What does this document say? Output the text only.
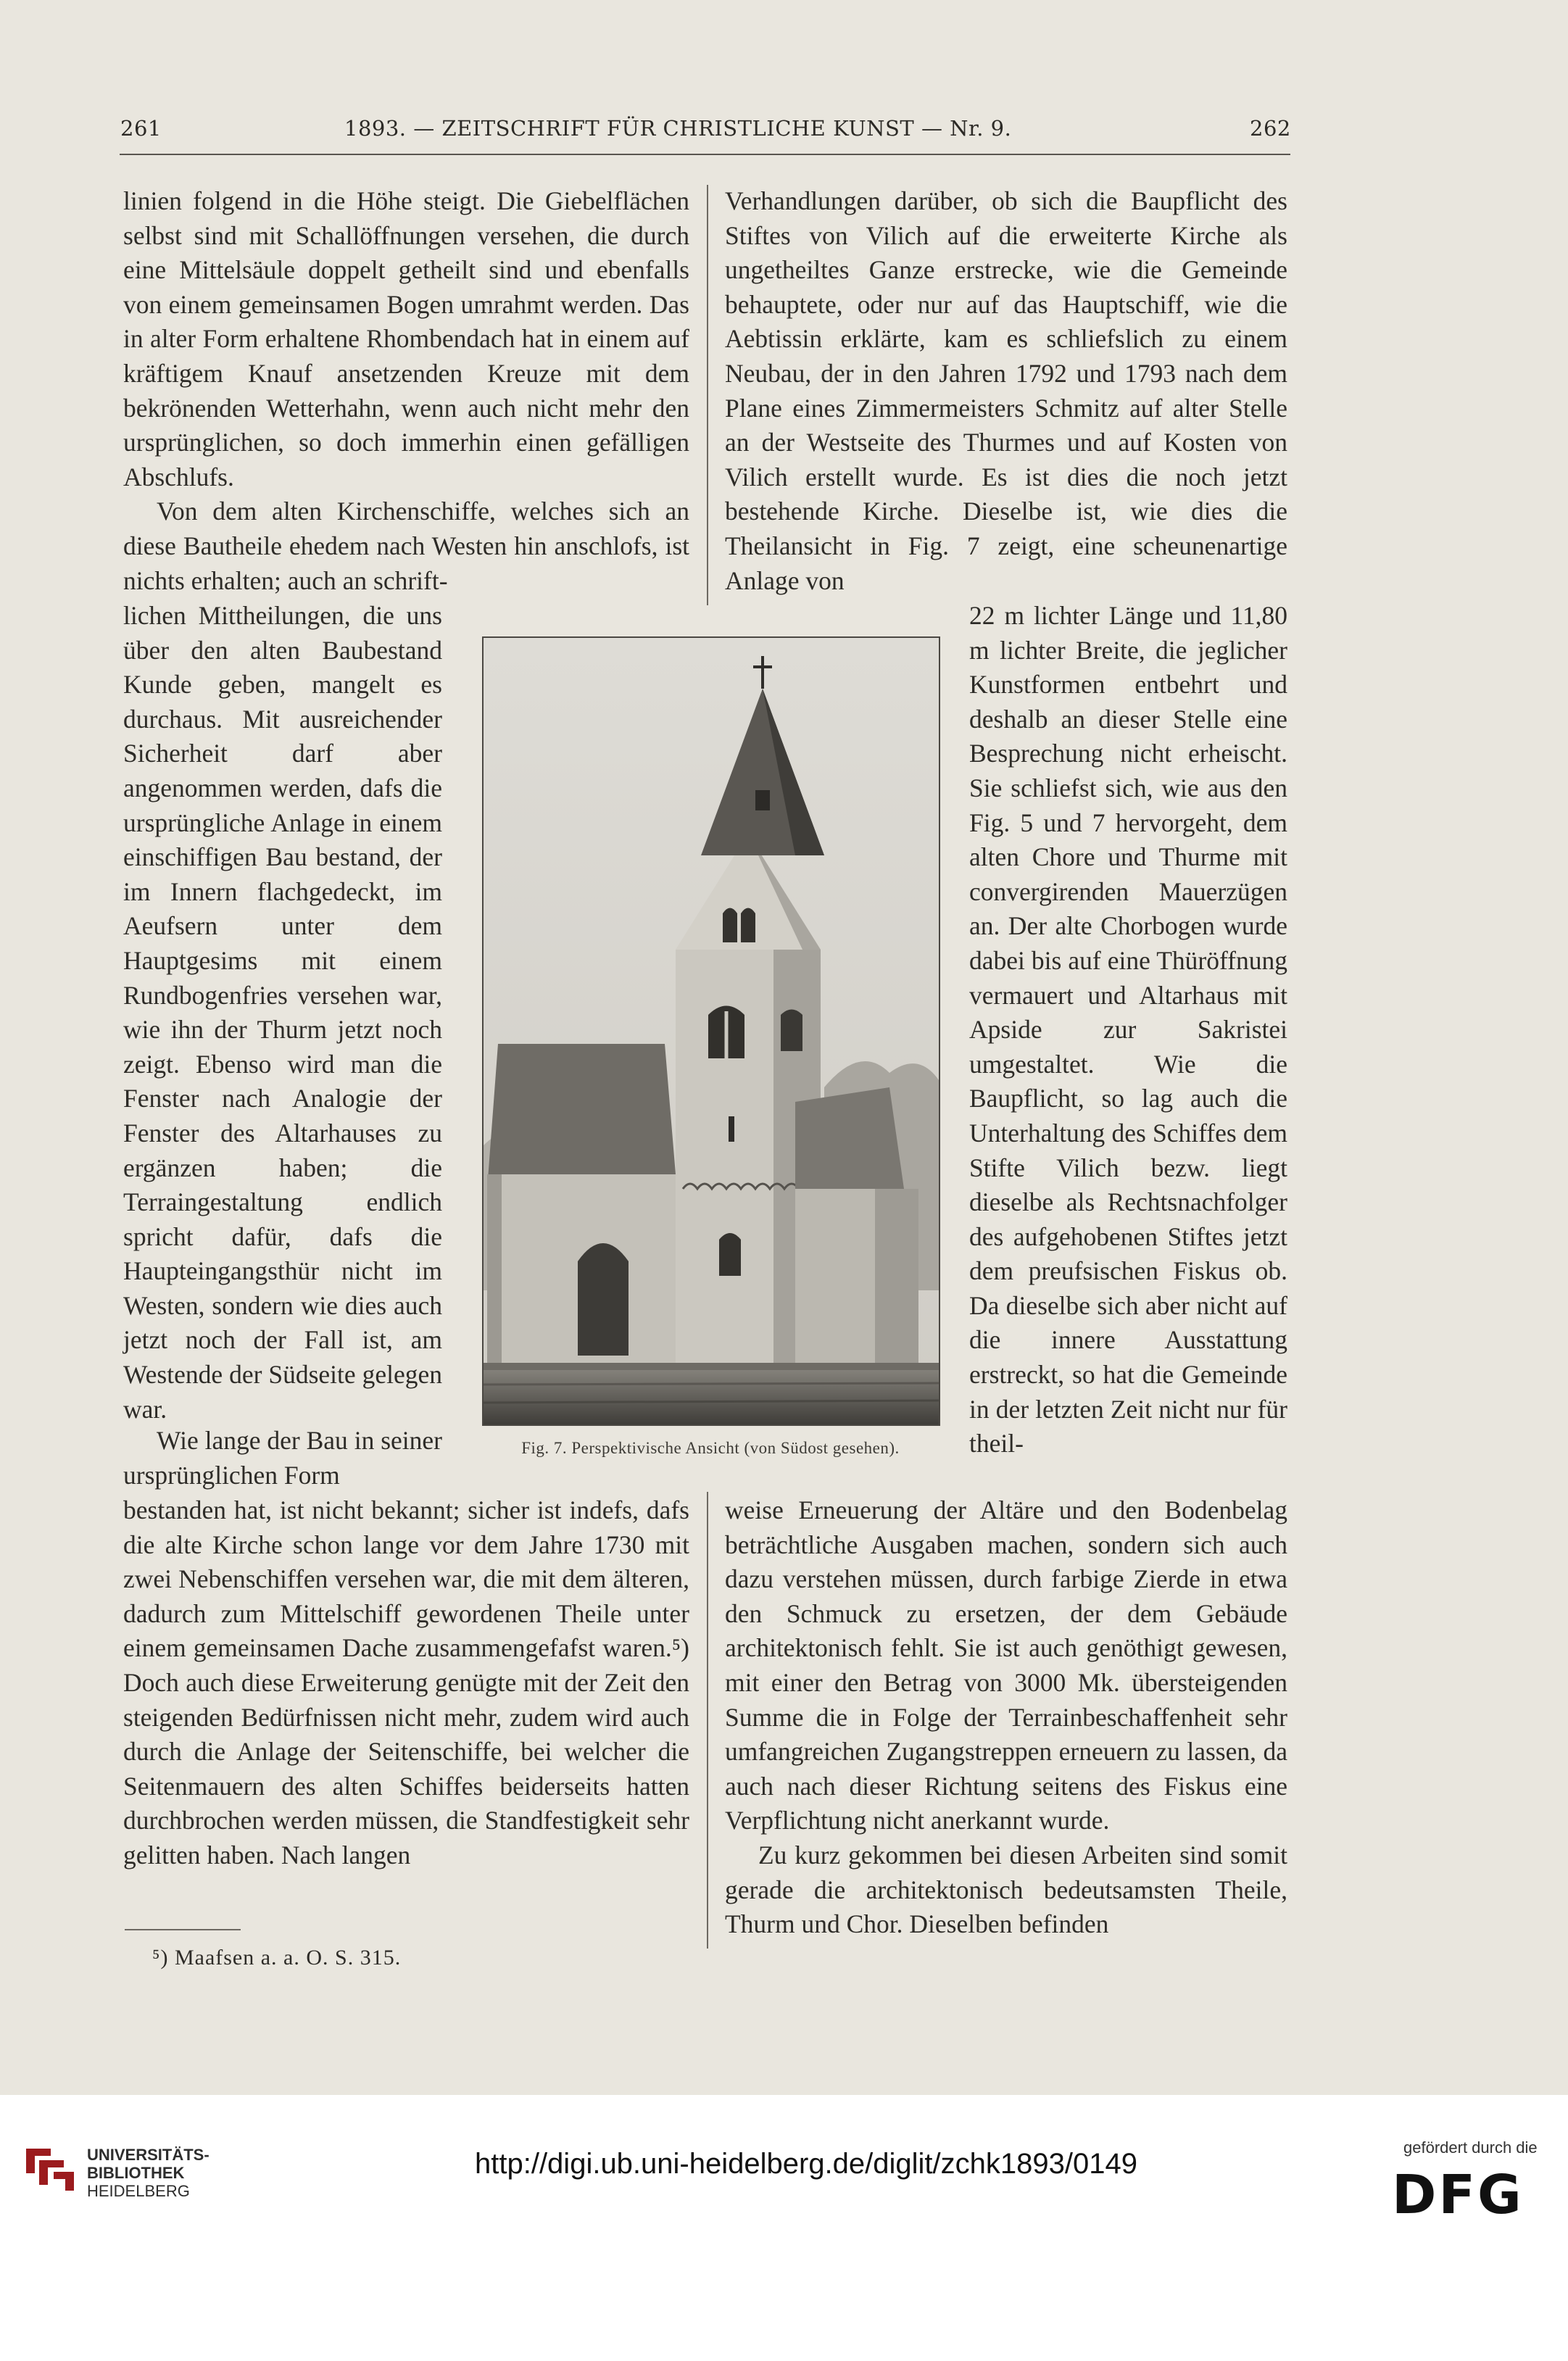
261	1893. — ZEITSCHRIFT FÜR CHRISTLICHE KUNST — Nr. 9.	262

linien folgend in die Höhe steigt. Die Giebelflächen selbst sind mit Schallöffnungen versehen, die durch eine Mittelsäule doppelt getheilt sind und ebenfalls von einem gemeinsamen Bogen umrahmt werden. Das in alter Form erhaltene Rhombendach hat in einem auf kräftigem Knauf ansetzenden Kreuze mit dem bekrönenden Wetterhahn, wenn auch nicht mehr den ursprünglichen, so doch immerhin einen gefälligen Abschlufs.

Von dem alten Kirchenschiffe, welches sich an diese Bautheile ehedem nach Westen hin anschlofs, ist nichts erhalten; auch an schrift-

lichen Mittheilungen, die uns über den alten Baubestand Kunde geben, mangelt es durchaus. Mit ausreichender Sicherheit darf aber angenommen werden, dafs die ursprüngliche Anlage in einem einschiffigen Bau bestand, der im Innern flachgedeckt, im Aeufsern unter dem Hauptgesims mit einem Rundbogenfries versehen war, wie ihn der Thurm jetzt noch zeigt. Ebenso wird man die Fenster nach Analogie der Fenster des Altarhauses zu ergänzen haben; die Terraingestaltung endlich spricht dafür, dafs die Haupteingangsthür nicht im Westen, sondern wie dies auch jetzt noch der Fall ist, am Westende der Südseite gelegen war.

Wie lange der Bau in seiner ursprünglichen Form

bestanden hat, ist nicht bekannt; sicher ist indefs, dafs die alte Kirche schon lange vor dem Jahre 1730 mit zwei Nebenschiffen versehen war, die mit dem älteren, dadurch zum Mittelschiff gewordenen Theile unter einem gemeinsamen Dache zusammengefafst waren.⁵) Doch auch diese Erweiterung genügte mit der Zeit den steigenden Bedürfnissen nicht mehr, zudem wird auch durch die Anlage der Seitenschiffe, bei welcher die Seitenmauern des alten Schiffes beiderseits hatten durchbrochen werden müssen, die Standfestigkeit sehr gelitten haben. Nach langen

Verhandlungen darüber, ob sich die Baupflicht des Stiftes von Vilich auf die erweiterte Kirche als ungetheiltes Ganze erstrecke, wie die Gemeinde behauptete, oder nur auf das Hauptschiff, wie die Aebtissin erklärte, kam es schliefslich zu einem Neubau, der in den Jahren 1792 und 1793 nach dem Plane eines Zimmermeisters Schmitz auf alter Stelle an der Westseite des Thurmes und auf Kosten von Vilich erstellt wurde. Es ist dies die noch jetzt bestehende Kirche. Dieselbe ist, wie dies die Theilansicht in Fig. 7 zeigt, eine scheunenartige Anlage von

22 m lichter Länge und 11,80 m lichter Breite, die jeglicher Kunstformen entbehrt und deshalb an dieser Stelle eine Besprechung nicht erheischt. Sie schliefst sich, wie aus den Fig. 5 und 7 hervorgeht, dem alten Chore und Thurme mit convergirenden Mauerzügen an. Der alte Chorbogen wurde dabei bis auf eine Thüröffnung vermauert und Altarhaus mit Apside zur Sakristei umgestaltet. Wie die Baupflicht, so lag auch die Unterhaltung des Schiffes dem Stifte Vilich bezw. liegt dieselbe als Rechtsnachfolger des aufgehobenen Stiftes jetzt dem preufsischen Fiskus ob. Da dieselbe sich aber nicht auf die innere Ausstattung erstreckt, so hat die Gemeinde in der letzten Zeit nicht nur für theil-

weise Erneuerung der Altäre und den Bodenbelag beträchtliche Ausgaben machen, sondern sich auch dazu verstehen müssen, durch farbige Zierde in etwa den Schmuck zu ersetzen, der dem Gebäude architektonisch fehlt. Sie ist auch genöthigt gewesen, mit einer den Betrag von 3000 Mk. übersteigenden Summe die in Folge der Terrainbeschaffenheit sehr umfangreichen Zugangstreppen erneuern zu lassen, da auch nach dieser Richtung seitens des Fiskus eine Verpflichtung nicht anerkannt wurde.

Zu kurz gekommen bei diesen Arbeiten sind somit gerade die architektonisch bedeutsamsten Theile, Thurm und Chor. Dieselben befinden

Fig. 7. Perspektivische Ansicht (von Südost gesehen).
⁵) Maafsen a. a. O. S. 315.
UNIVERSITÄTS-
BIBLIOTHEK
HEIDELBERG
http://digi.ub.uni-heidelberg.de/diglit/zchk1893/0149
gefördert durch die
DFG
